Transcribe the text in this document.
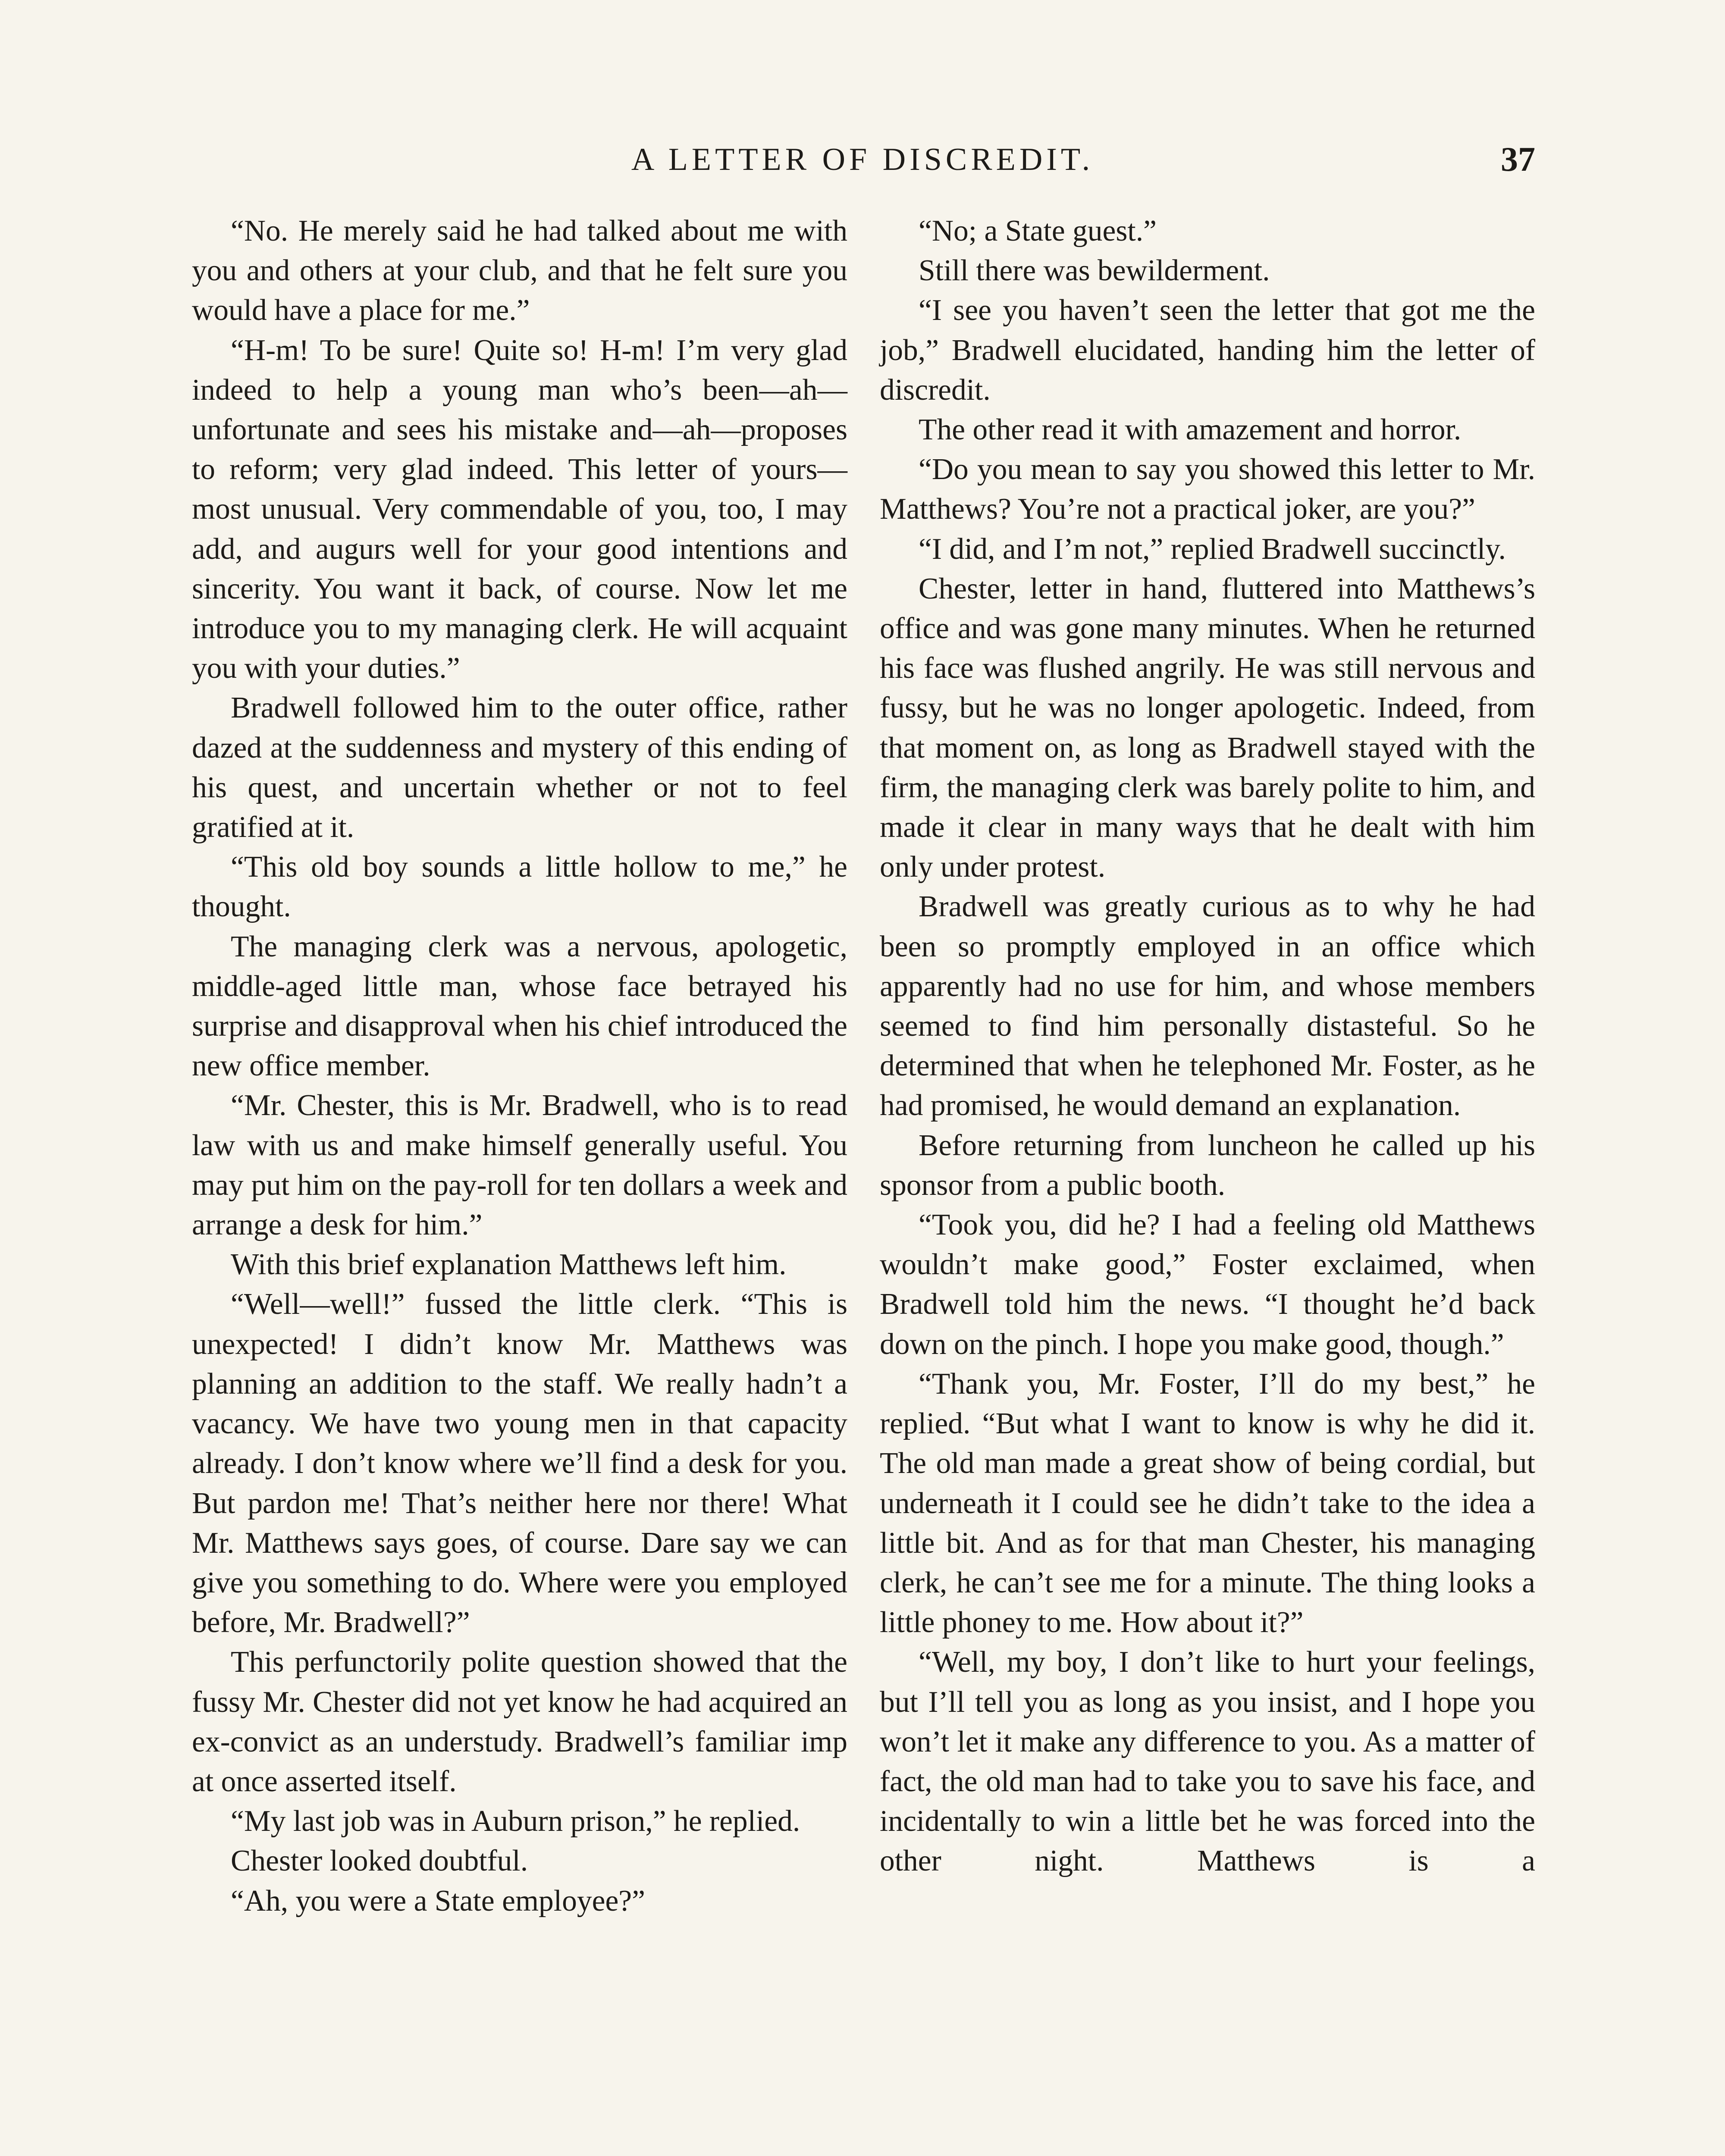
A LETTER OF DISCREDIT.	37

“No. He merely said he had talked about me with you and others at your club, and that he felt sure you would have a place for me.”

“H-m! To be sure! Quite so! H-m! I’m very glad indeed to help a young man who’s been—ah—unfortunate and sees his mistake and—ah—proposes to reform; very glad indeed. This letter of yours—most unusual. Very commendable of you, too, I may add, and augurs well for your good intentions and sincerity. You want it back, of course. Now let me introduce you to my managing clerk. He will acquaint you with your duties.”

Bradwell followed him to the outer office, rather dazed at the suddenness and mystery of this ending of his quest, and uncertain whether or not to feel gratified at it.

“This old boy sounds a little hollow to me,” he thought.

The managing clerk was a nervous, apologetic, middle-aged little man, whose face betrayed his surprise and disapproval when his chief introduced the new office member.

“Mr. Chester, this is Mr. Bradwell, who is to read law with us and make himself generally useful. You may put him on the pay-roll for ten dollars a week and arrange a desk for him.”

With this brief explanation Matthews left him.

“Well—well!” fussed the little clerk. “This is unexpected! I didn’t know Mr. Matthews was planning an addition to the staff. We really hadn’t a vacancy. We have two young men in that capacity already. I don’t know where we’ll find a desk for you. But pardon me! That’s neither here nor there! What Mr. Matthews says goes, of course. Dare say we can give you something to do. Where were you employed before, Mr. Bradwell?”

This perfunctorily polite question showed that the fussy Mr. Chester did not yet know he had acquired an ex-convict as an understudy. Bradwell’s familiar imp at once asserted itself.

“My last job was in Auburn prison,” he replied.

Chester looked doubtful.

“Ah, you were a State employee?”

“No; a State guest.”

Still there was bewilderment.

“I see you haven’t seen the letter that got me the job,” Bradwell elucidated, handing him the letter of discredit.

The other read it with amazement and horror.

“Do you mean to say you showed this letter to Mr. Matthews? You’re not a practical joker, are you?”

“I did, and I’m not,” replied Bradwell succinctly.

Chester, letter in hand, fluttered into Matthews’s office and was gone many minutes. When he returned his face was flushed angrily. He was still nervous and fussy, but he was no longer apologetic. Indeed, from that moment on, as long as Bradwell stayed with the firm, the managing clerk was barely polite to him, and made it clear in many ways that he dealt with him only under protest.

Bradwell was greatly curious as to why he had been so promptly employed in an office which apparently had no use for him, and whose members seemed to find him personally distasteful. So he determined that when he telephoned Mr. Foster, as he had promised, he would demand an explanation.

Before returning from luncheon he called up his sponsor from a public booth.

“Took you, did he? I had a feeling old Matthews wouldn’t make good,” Foster exclaimed, when Bradwell told him the news. “I thought he’d back down on the pinch. I hope you make good, though.”

“Thank you, Mr. Foster, I’ll do my best,” he replied. “But what I want to know is why he did it. The old man made a great show of being cordial, but underneath it I could see he didn’t take to the idea a little bit. And as for that man Chester, his managing clerk, he can’t see me for a minute. The thing looks a little phoney to me. How about it?”

“Well, my boy, I don’t like to hurt your feelings, but I’ll tell you as long as you insist, and I hope you won’t let it make any difference to you. As a matter of fact, the old man had to take you to save his face, and incidentally to win a little bet he was forced into the other night. Matthews is a
